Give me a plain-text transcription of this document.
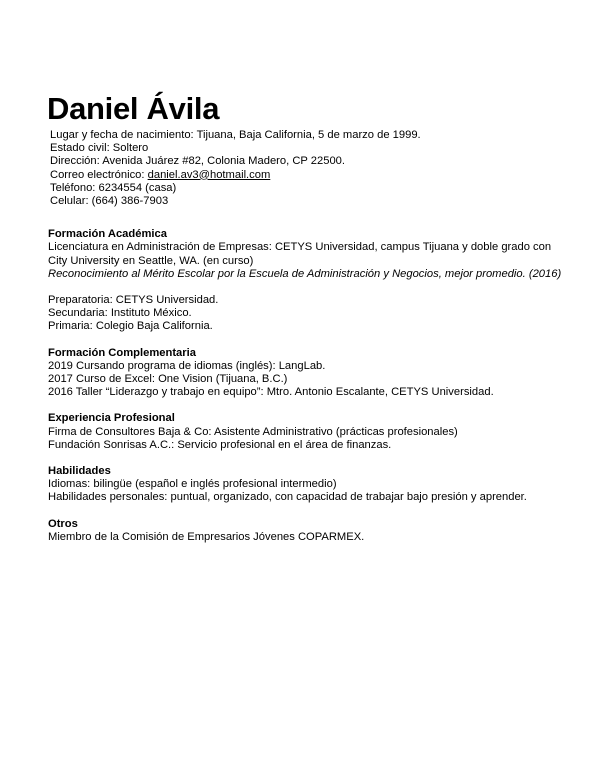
Daniel Ávila
Lugar y fecha de nacimiento: Tijuana, Baja California, 5 de marzo de 1999.
Estado civil: Soltero
Dirección: Avenida Juárez #82, Colonia Madero, CP 22500.
Correo electrónico: daniel.av3@hotmail.com
Teléfono: 6234554 (casa)
Celular: (664) 386-7903
Formación Académica
Licenciatura en Administración de Empresas: CETYS Universidad, campus Tijuana y doble grado con City University en Seattle, WA. (en curso)
Reconocimiento al Mérito Escolar por la Escuela de Administración y Negocios, mejor promedio. (2016)
Preparatoria: CETYS Universidad.
Secundaria: Instituto México.
Primaria: Colegio Baja California.
Formación Complementaria
2019 Cursando programa de idiomas (inglés): LangLab.
2017 Curso de Excel: One Vision (Tijuana, B.C.)
2016 Taller “Liderazgo y trabajo en equipo”: Mtro. Antonio Escalante, CETYS Universidad.
Experiencia Profesional
Firma de Consultores Baja & Co: Asistente Administrativo (prácticas profesionales)
Fundación Sonrisas A.C.: Servicio profesional en el área de finanzas.
Habilidades
Idiomas: bilingüe (español e inglés profesional intermedio)
Habilidades personales: puntual, organizado, con capacidad de trabajar bajo presión y aprender.
Otros
Miembro de la Comisión de Empresarios Jóvenes COPARMEX.
